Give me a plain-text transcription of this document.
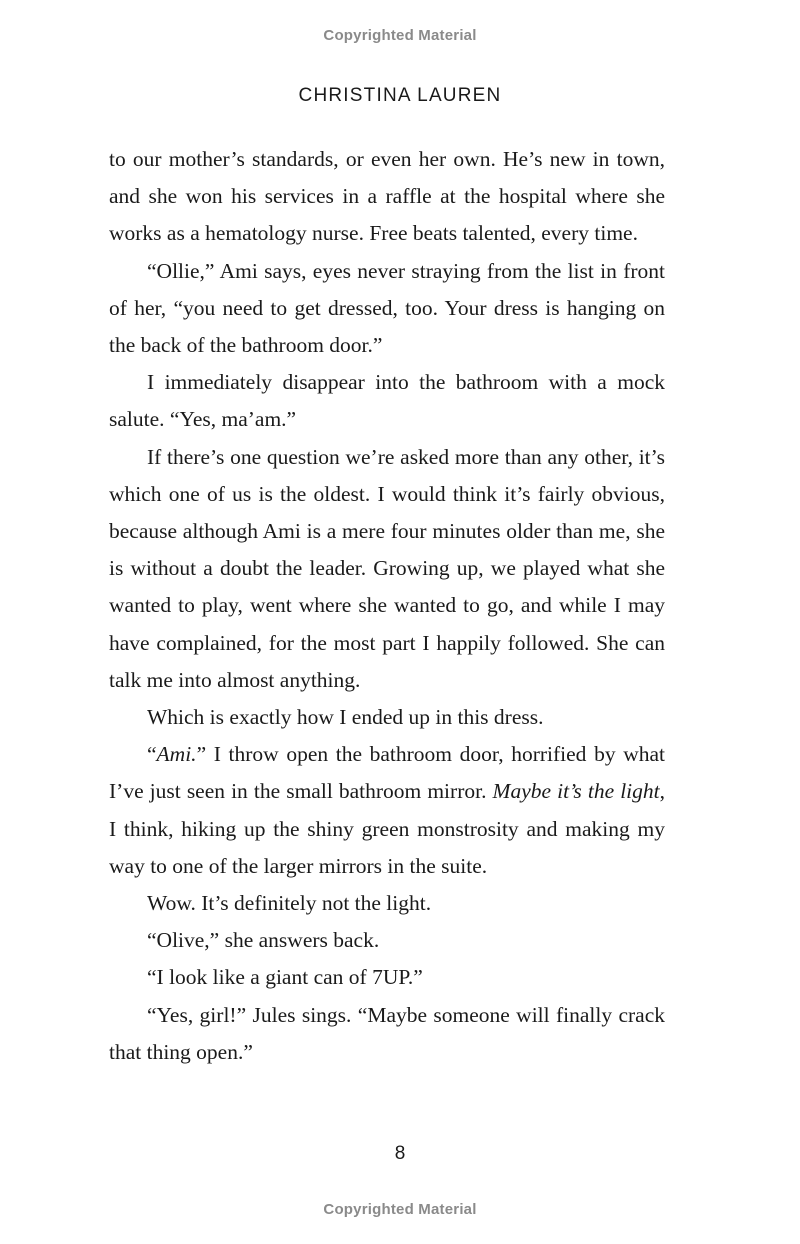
Copyrighted Material
CHRISTINA LAUREN

to our mother’s standards, or even her own. He’s new in town, and she won his services in a raffle at the hospital where she works as a hematology nurse. Free beats talented, every time.

“Ollie,” Ami says, eyes never straying from the list in front of her, “you need to get dressed, too. Your dress is hanging on the back of the bathroom door.”

I immediately disappear into the bathroom with a mock salute. “Yes, ma’am.”

If there’s one question we’re asked more than any other, it’s which one of us is the oldest. I would think it’s fairly obvious, because although Ami is a mere four minutes older than me, she is without a doubt the leader. Growing up, we played what she wanted to play, went where she wanted to go, and while I may have complained, for the most part I happily followed. She can talk me into almost anything.

Which is exactly how I ended up in this dress.

“Ami.” I throw open the bathroom door, horrified by what I’ve just seen in the small bathroom mirror. Maybe it’s the light, I think, hiking up the shiny green monstrosity and making my way to one of the larger mirrors in the suite.

Wow. It’s definitely not the light.

“Olive,” she answers back.

“I look like a giant can of 7UP.”

“Yes, girl!” Jules sings. “Maybe someone will finally crack that thing open.”

8
Copyrighted Material
